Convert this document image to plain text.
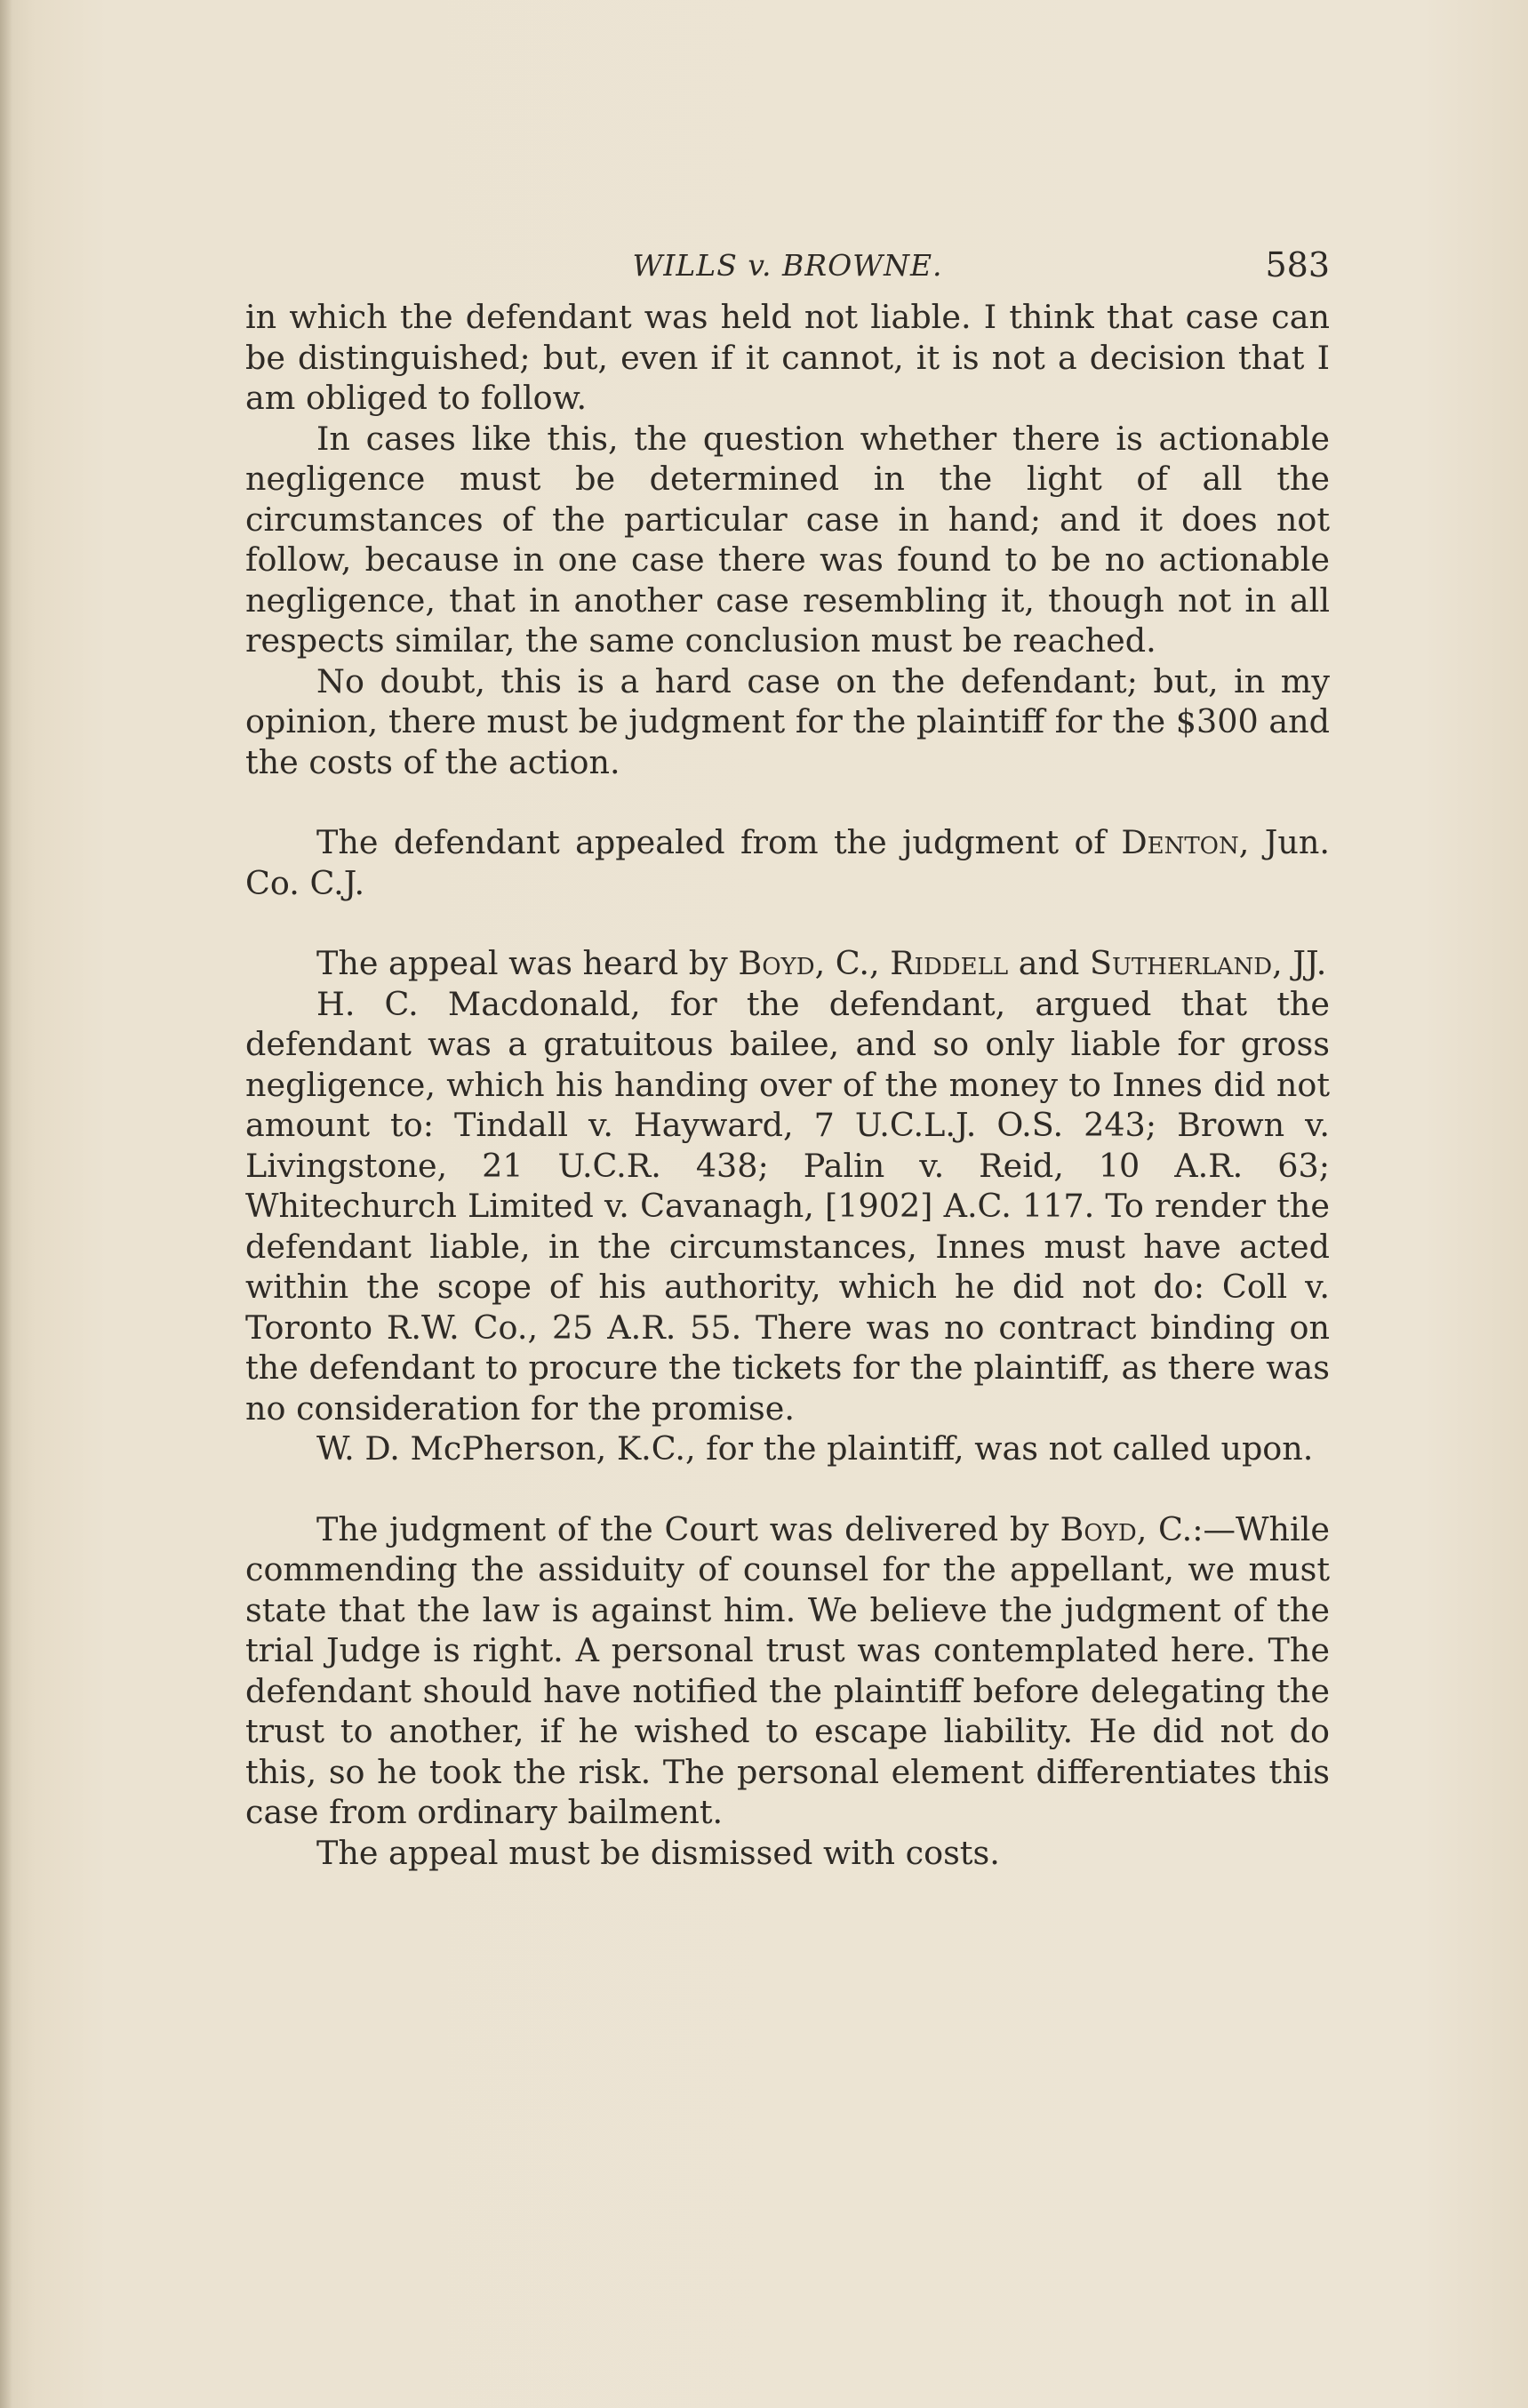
WILLS v. BROWNE.	583

in which the defendant was held not liable. I think that case can be distinguished; but, even if it cannot, it is not a decision that I am obliged to follow.

In cases like this, the question whether there is actionable negligence must be determined in the light of all the circumstances of the particular case in hand; and it does not follow, because in one case there was found to be no actionable negligence, that in another case resembling it, though not in all respects similar, the same conclusion must be reached.

No doubt, this is a hard case on the defendant; but, in my opinion, there must be judgment for the plaintiff for the $300 and the costs of the action.

The defendant appealed from the judgment of Denton, Jun. Co. C.J.

The appeal was heard by Boyd, C., Riddell and Sutherland, JJ.

H. C. Macdonald, for the defendant, argued that the defendant was a gratuitous bailee, and so only liable for gross negligence, which his handing over of the money to Innes did not amount to: Tindall v. Hayward, 7 U.C.L.J. O.S. 243; Brown v. Livingstone, 21 U.C.R. 438; Palin v. Reid, 10 A.R. 63; Whitechurch Limited v. Cavanagh, [1902] A.C. 117. To render the defendant liable, in the circumstances, Innes must have acted within the scope of his authority, which he did not do: Coll v. Toronto R.W. Co., 25 A.R. 55. There was no contract binding on the defendant to procure the tickets for the plaintiff, as there was no consideration for the promise.

W. D. McPherson, K.C., for the plaintiff, was not called upon.

The judgment of the Court was delivered by Boyd, C.:—While commending the assiduity of counsel for the appellant, we must state that the law is against him. We believe the judgment of the trial Judge is right. A personal trust was contemplated here. The defendant should have notified the plaintiff before delegating the trust to another, if he wished to escape liability. He did not do this, so he took the risk. The personal element differentiates this case from ordinary bailment.

The appeal must be dismissed with costs.
